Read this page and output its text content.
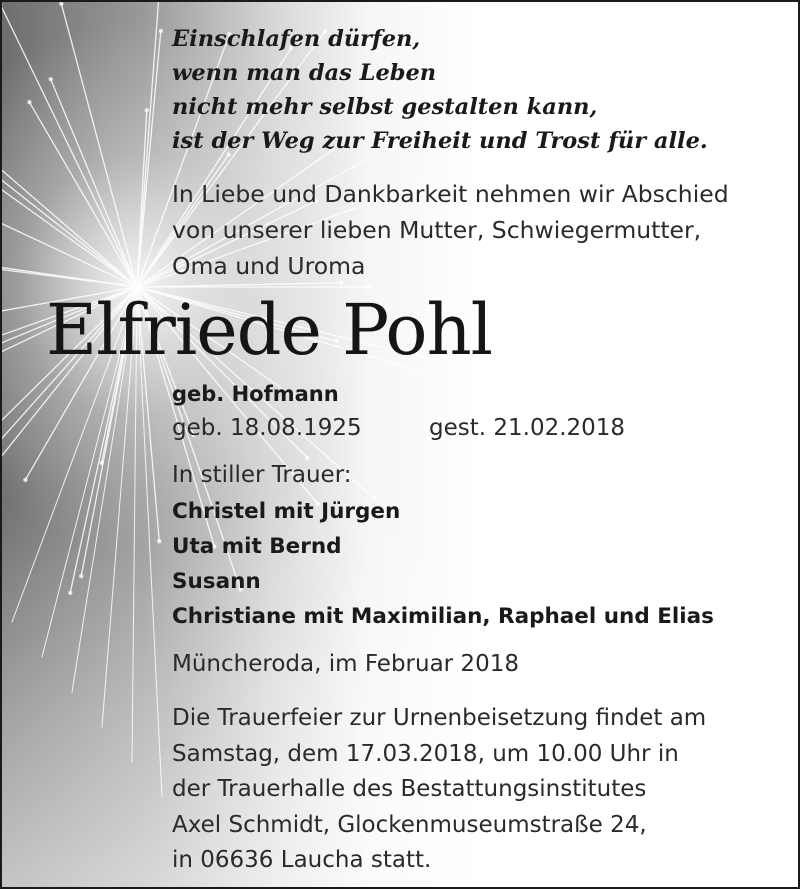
Einschlafen dürfen,
wenn man das Leben
nicht mehr selbst gestalten kann,
ist der Weg zur Freiheit und Trost für alle.
In Liebe und Dankbarkeit nehmen wir Abschied
von unserer lieben Mutter, Schwiegermutter,
Oma und Uroma
Elfriede Pohl
geb. Hofmann
geb. 18.08.1925	gest. 21.02.2018
In stiller Trauer:
Christel mit Jürgen
Uta mit Bernd
Susann
Christiane mit Maximilian, Raphael und Elias
Müncheroda, im Februar 2018
Die Trauerfeier zur Urnenbeisetzung findet am
Samstag, dem 17.03.2018, um 10.00 Uhr in
der Trauerhalle des Bestattungsinstitutes
Axel Schmidt, Glockenmuseumstraße 24,
in 06636 Laucha statt.
